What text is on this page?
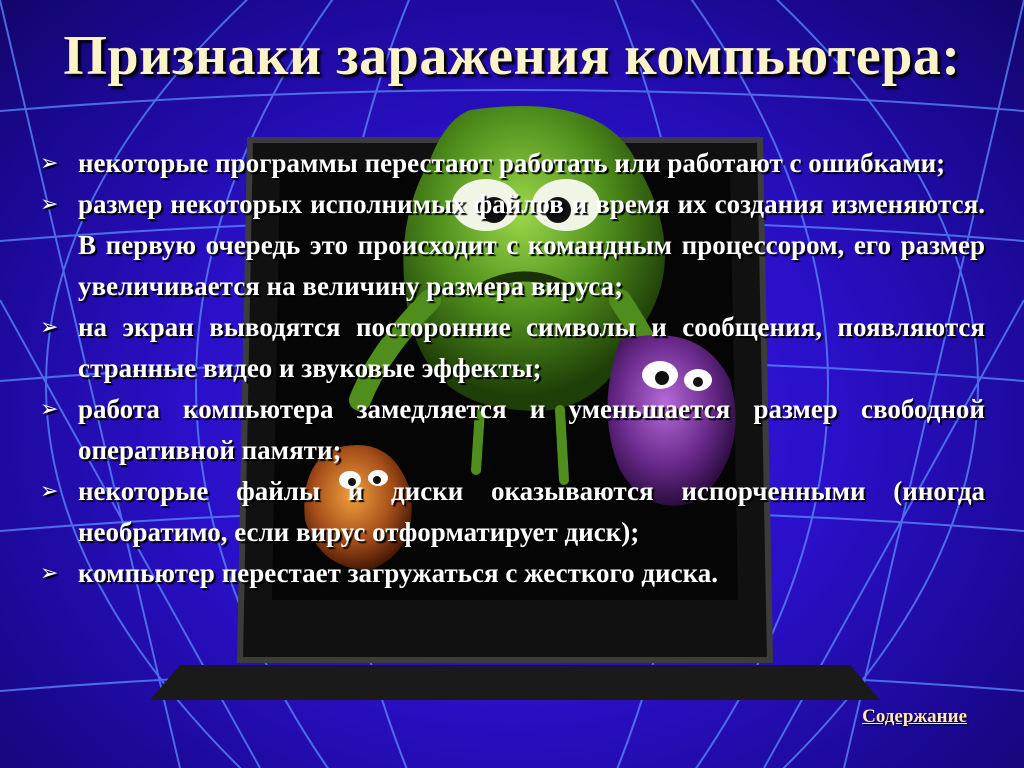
Признаки заражения компьютера:
➢ некоторые программы перестают работать или работают с ошибками;
➢ размер некоторых исполнимых файлов и время их создания изменяются. В первую очередь это происходит с командным процессором, его размер увеличивается на величину размера вируса;
➢ на экран выводятся посторонние символы и сообщения, появляются странные видео и звуковые эффекты;
➢ работа компьютера замедляется и уменьшается размер свободной оперативной памяти;
➢ некоторые файлы и диски оказываются испорченными (иногда необратимо, если вирус отформатирует диск);
➢ компьютер перестает загружаться с жесткого диска.
Содержание
